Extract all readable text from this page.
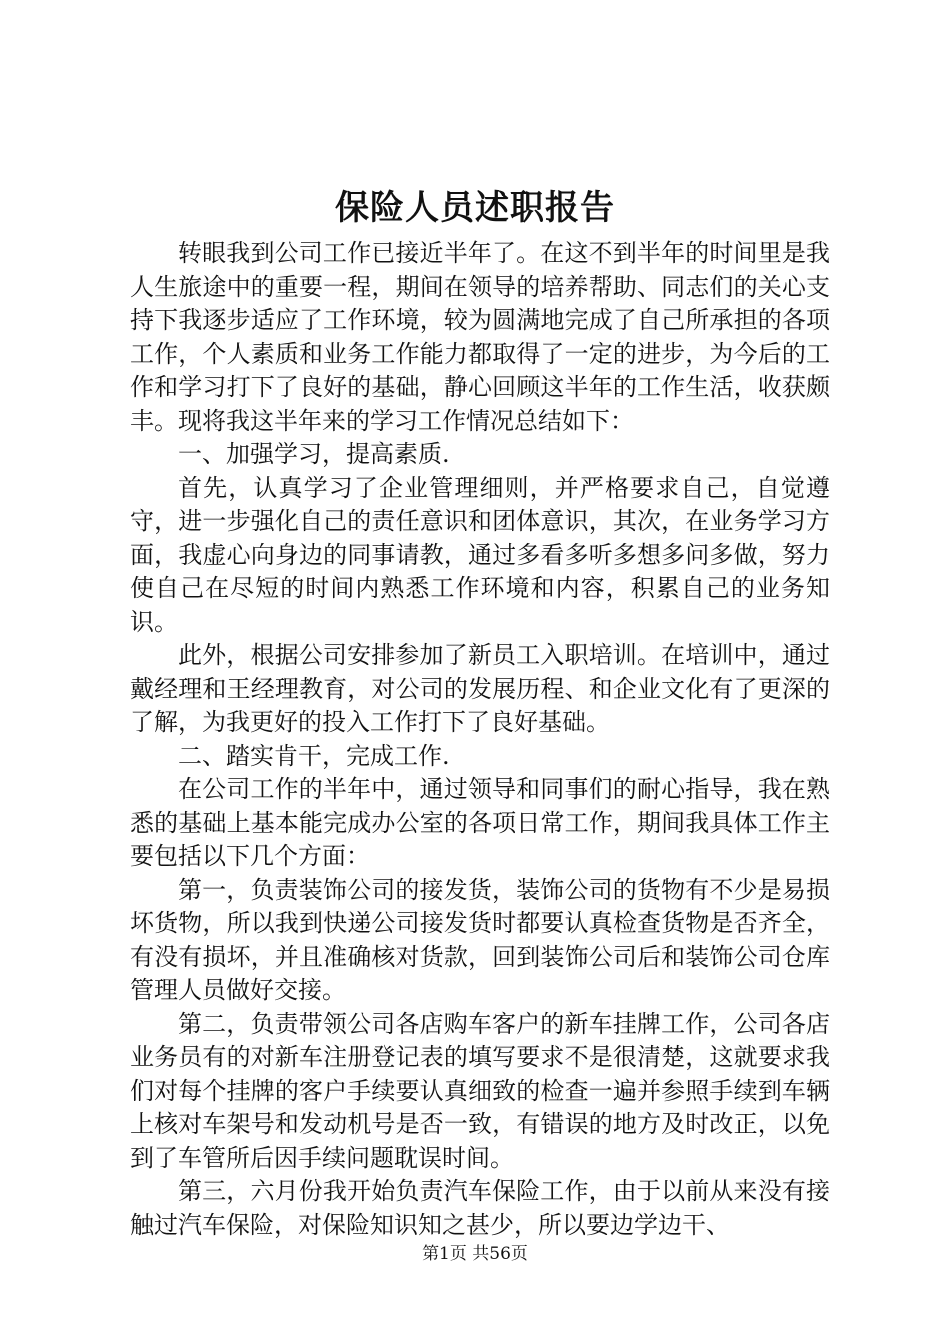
保险人员述职报告

转眼我到公司工作已接近半年了。在这不到半年的时间里是我人生旅途中的重要一程，期间在领导的培养帮助、同志们的关心支持下我逐步适应了工作环境，较为圆满地完成了自己所承担的各项工作，个人素质和业务工作能力都取得了一定的进步，为今后的工作和学习打下了良好的基础，静心回顾这半年的工作生活，收获颇丰。现将我这半年来的学习工作情况总结如下：

一、加强学习，提高素质.

首先，认真学习了企业管理细则，并严格要求自己，自觉遵守，进一步强化自己的责任意识和团体意识，其次，在业务学习方面，我虚心向身边的同事请教，通过多看多听多想多问多做，努力使自己在尽短的时间内熟悉工作环境和内容，积累自己的业务知识。

此外，根据公司安排参加了新员工入职培训。在培训中，通过戴经理和王经理教育，对公司的发展历程、和企业文化有了更深的了解，为我更好的投入工作打下了良好基础。

二、踏实肯干，完成工作.

在公司工作的半年中，通过领导和同事们的耐心指导，我在熟悉的基础上基本能完成办公室的各项日常工作，期间我具体工作主要包括以下几个方面：

第一，负责装饰公司的接发货，装饰公司的货物有不少是易损坏货物，所以我到快递公司接发货时都要认真检查货物是否齐全，有没有损坏，并且准确核对货款，回到装饰公司后和装饰公司仓库管理人员做好交接。

第二，负责带领公司各店购车客户的新车挂牌工作，公司各店业务员有的对新车注册登记表的填写要求不是很清楚，这就要求我们对每个挂牌的客户手续要认真细致的检查一遍并参照手续到车辆上核对车架号和发动机号是否一致，有错误的地方及时改正，以免到了车管所后因手续问题耽误时间。

第三，六月份我开始负责汽车保险工作，由于以前从来没有接触过汽车保险，对保险知识知之甚少，所以要边学边干、

第1页 共56页
